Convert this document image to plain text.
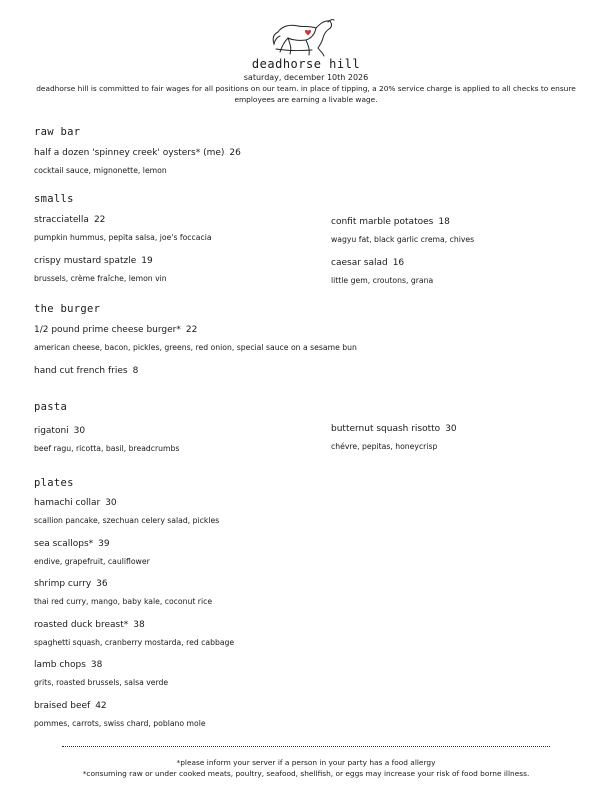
deadhorse hill
saturday, december 10th 2026
deadhorse hill is committed to fair wages for all positions on our team. in place of tipping, a 20% service charge is applied to all checks to ensure employees are earning a livable wage.
raw bar
half a dozen 'spinney creek' oysters* (me) 26
cocktail sauce, mignonette, lemon
smalls
stracciatella 22
pumpkin hummus, pepita salsa, joe's foccacia
crispy mustard spatzle 19
brussels, crème fraîche, lemon vin
confit marble potatoes 18
wagyu fat, black garlic crema, chives
caesar salad 16
little gem, croutons, grana
the burger
1/2 pound prime cheese burger* 22
american cheese, bacon, pickles, greens, red onion, special sauce on a sesame bun
hand cut french fries 8
pasta
rigatoni 30
beef ragu, ricotta, basil, breadcrumbs
butternut squash risotto 30
chévre, pepitas, honeycrisp
plates
hamachi collar 30
scallion pancake, szechuan celery salad, pickles
sea scallops* 39
endive, grapefruit, cauliflower
shrimp curry 36
thai red curry, mango, baby kale, coconut rice
roasted duck breast* 38
spaghetti squash, cranberry mostarda, red cabbage
lamb chops 38
grits, roasted brussels, salsa verde
braised beef 42
pommes, carrots, swiss chard, poblano mole
*please inform your server if a person in your party has a food allergy
*consuming raw or under cooked meats, poultry, seafood, shellfish, or eggs may increase your risk of food borne illness.
